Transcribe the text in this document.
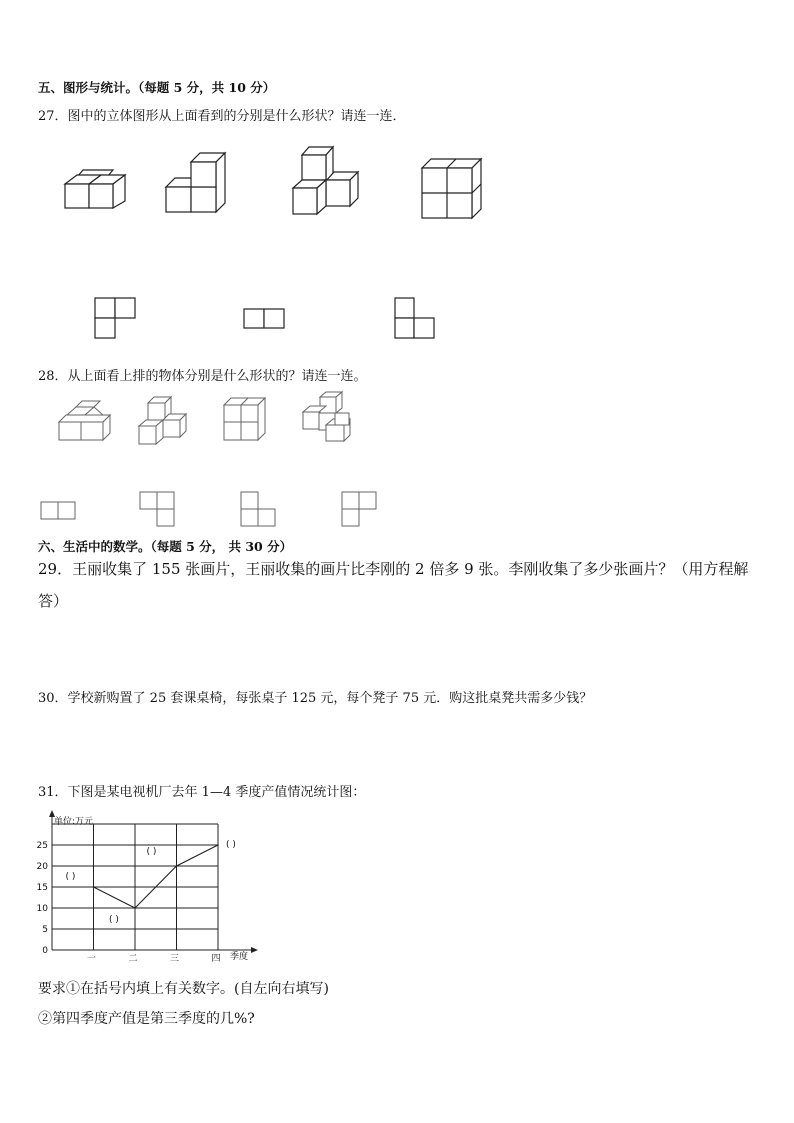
五、图形与统计。（每题 5 分，共 10 分）
27．图中的立体图形从上面看到的分别是什么形状？请连一连．
28．从上面看上排的物体分别是什么形状的？请连一连。
六、生活中的数学。（每题 5 分， 共 30 分）
29．王丽收集了 155 张画片，王丽收集的画片比李刚的 2 倍多 9 张。李刚收集了多少张画片？（用方程解答）
30．学校新购置了 25 套课桌椅，每张桌子 125 元，每个凳子 75 元．购这批桌凳共需多少钱？
31．下图是某电视机厂去年 1—4 季度产值情况统计图：
0
5
10
15
20
25
一	二	三	四
( )
( )
( )
( )
单位:万元
季度
要求①在括号内填上有关数字。(自左向右填写)
②第四季度产值是第三季度的几%?
